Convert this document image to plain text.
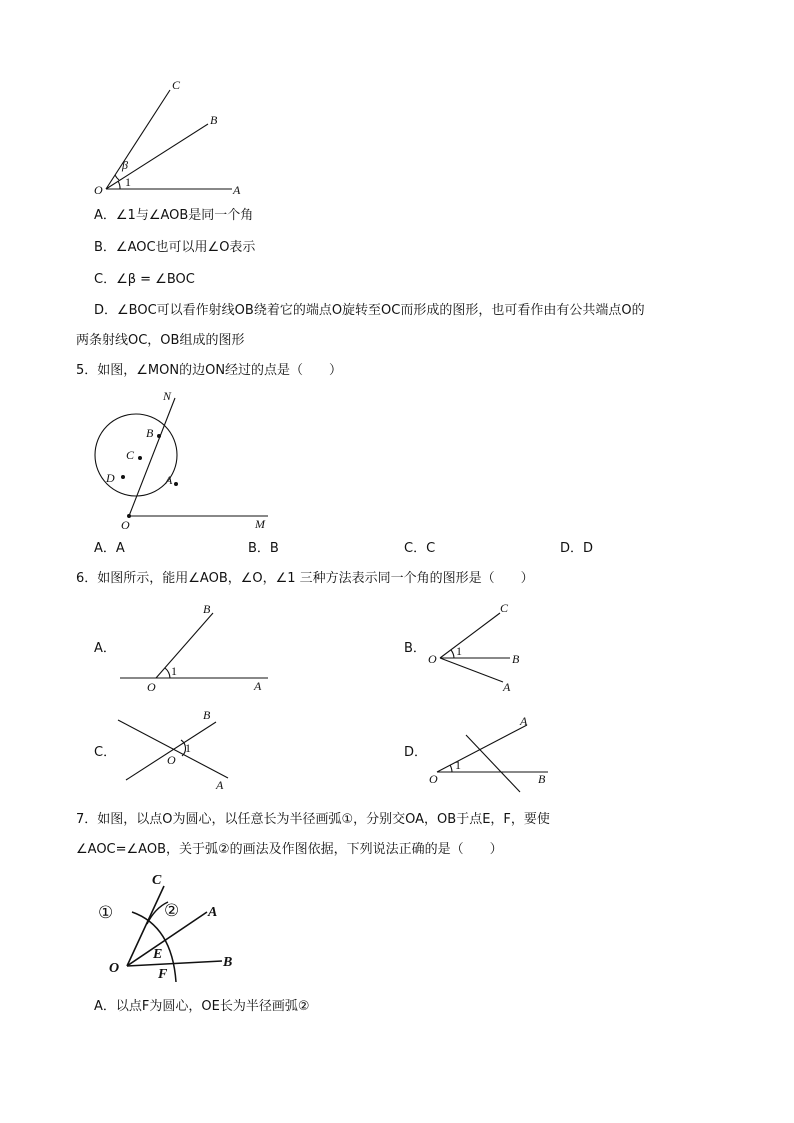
C
B
O	A
β
1
A．∠1与∠AOB是同一个角
B．∠AOC也可以用∠O表示
C．∠β = ∠BOC
D．∠BOC可以看作射线OB绕着它的端点O旋转至OC而形成的图形，也可看作由有公共端点O的
两条射线OC，OB组成的图形
5．如图，∠MON的边ON经过的点是（　　）
N
B
C
D	A
O	M
A．A	B．B	C．C	D．D
6．如图所示，能用∠AOB，∠O，∠1 三种方法表示同一个角的图形是（　　）
A．	B．
C．	D．
B
1
O	A
C
O
1
B
A
B
1
O
A
A
O
1
B
7．如图，以点O为圆心，以任意长为半径画弧①，分别交OA，OB于点E，F，要使
∠AOC=∠AOB，关于弧②的画法及作图依据，下列说法正确的是（　　）
C
①	② A
E
O	F
B
A．以点F为圆心，OE长为半径画弧②
